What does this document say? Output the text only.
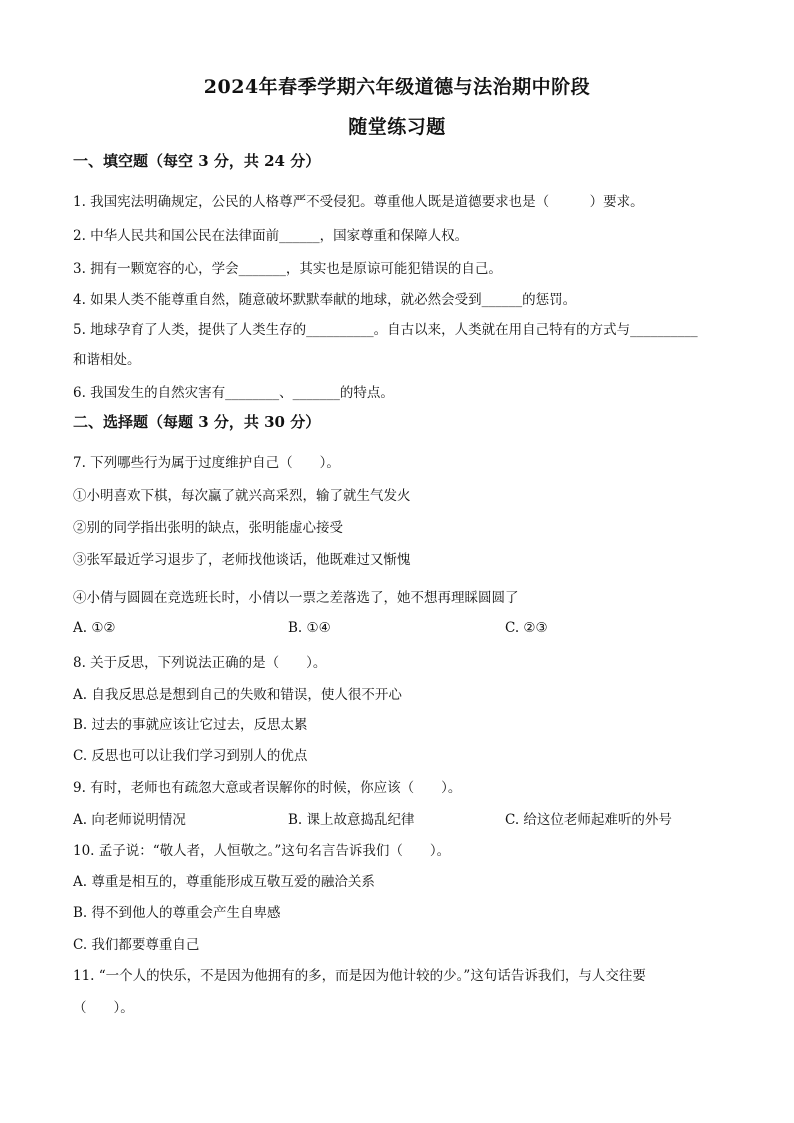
2024年春季学期六年级道德与法治期中阶段
随堂练习题
一、填空题（每空 3 分，共 24 分）
1. 我国宪法明确规定，公民的人格尊严不受侵犯。尊重他人既是道德要求也是（　　　）要求。
2. 中华人民共和国公民在法律面前______，国家尊重和保障人权。
3. 拥有一颗宽容的心，学会_______，其实也是原谅可能犯错误的自己。
4. 如果人类不能尊重自然，随意破坏默默奉献的地球，就必然会受到______的惩罚。
5. 地球孕育了人类，提供了人类生存的__________。自古以来，人类就在用自己特有的方式与__________
和谐相处。
6. 我国发生的自然灾害有________、_______的特点。
二、选择题（每题 3 分，共 30 分）
7. 下列哪些行为属于过度维护自己（　　）。
①小明喜欢下棋，每次赢了就兴高采烈，输了就生气发火
②别的同学指出张明的缺点，张明能虚心接受
③张军最近学习退步了，老师找他谈话，他既难过又惭愧
④小倩与圆圆在竞选班长时，小倩以一票之差落选了，她不想再理睬圆圆了
A. ①②	B. ①④	C. ②③
8. 关于反思，下列说法正确的是（　　）。
A. 自我反思总是想到自己的失败和错误，使人很不开心
B. 过去的事就应该让它过去，反思太累
C. 反思也可以让我们学习到别人的优点
9. 有时，老师也有疏忽大意或者误解你的时候，你应该（　　）。
A. 向老师说明情况	B. 课上故意捣乱纪律	C. 给这位老师起难听的外号
10. 孟子说：“敬人者，人恒敬之。”这句名言告诉我们（　　）。
A. 尊重是相互的，尊重能形成互敬互爱的融洽关系
B. 得不到他人的尊重会产生自卑感
C. 我们都要尊重自己
11. “一个人的快乐，不是因为他拥有的多，而是因为他计较的少。”这句话告诉我们，与人交往要
（　　）。
